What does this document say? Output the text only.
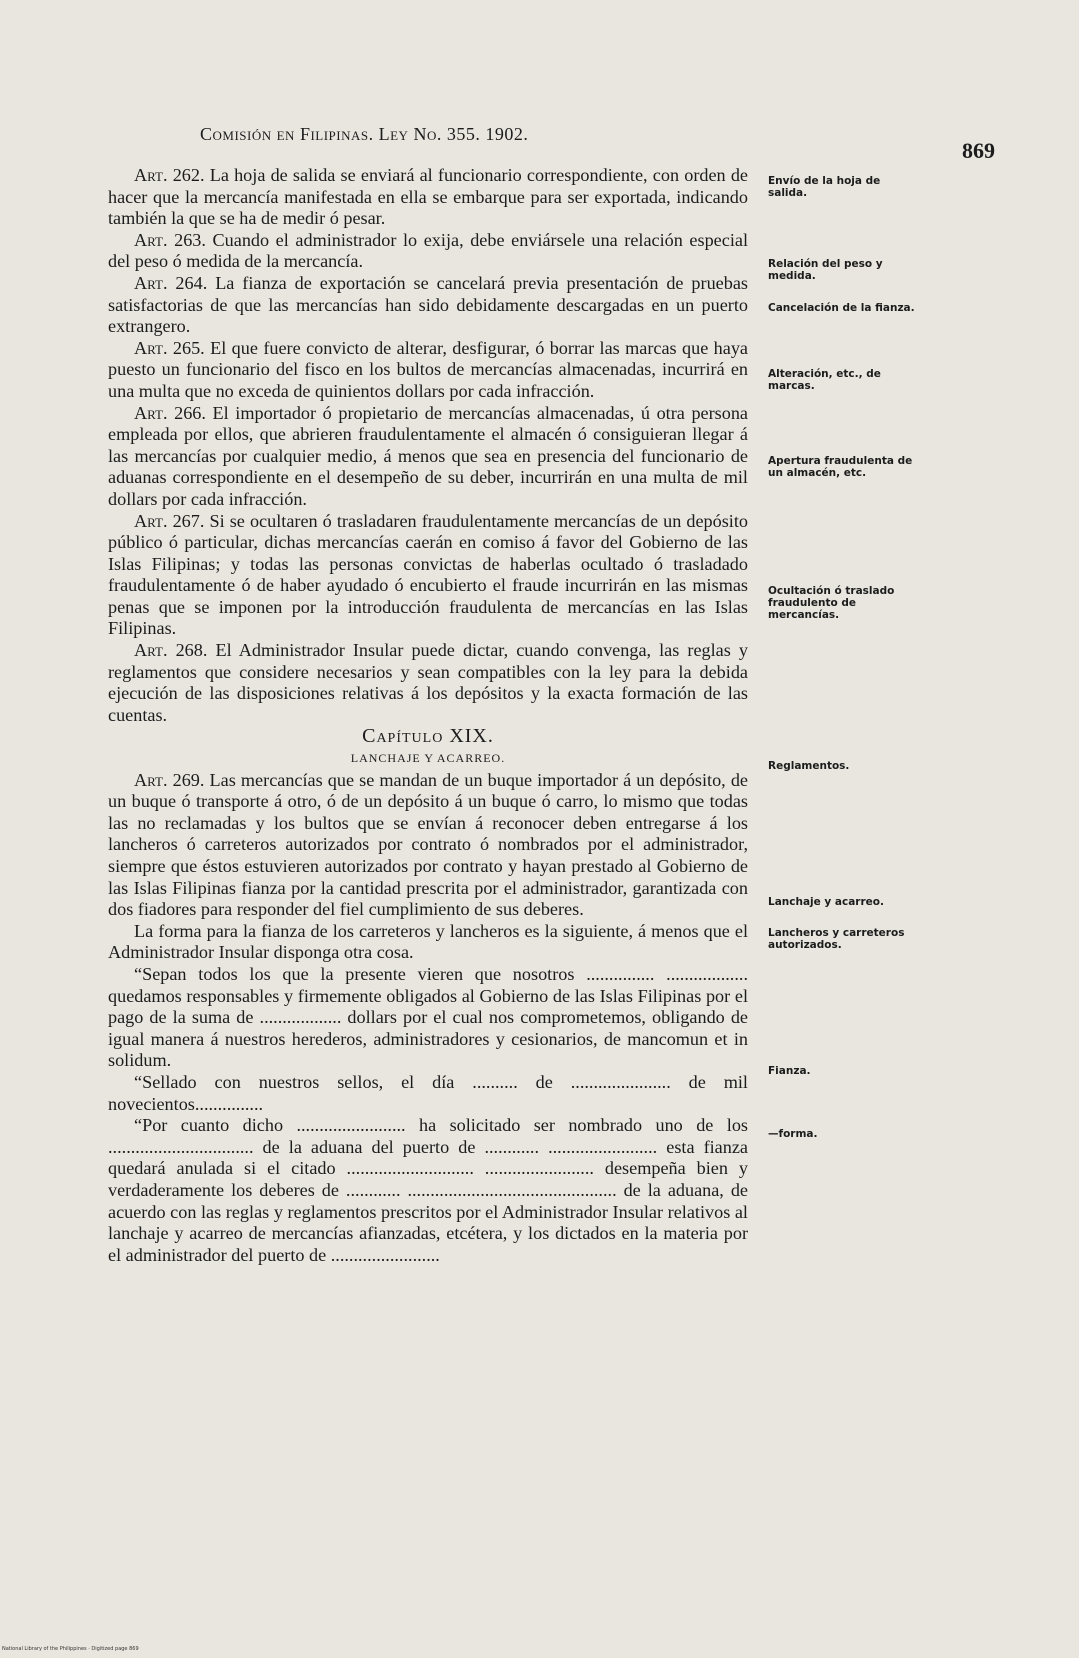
Comisión en Filipinas. Ley No. 355. 1902.
869

Art. 262. La hoja de salida se enviará al funcionario correspondiente, con orden de hacer que la mercancía manifestada en ella se embarque para ser exportada, indicando también la que se ha de medir ó pesar.

Art. 263. Cuando el administrador lo exija, debe enviársele una relación especial del peso ó medida de la mercancía.

Art. 264. La fianza de exportación se cancelará previa presentación de pruebas satisfactorias de que las mercancías han sido debidamente descargadas en un puerto extrangero.

Art. 265. El que fuere convicto de alterar, desfigurar, ó borrar las marcas que haya puesto un funcionario del fisco en los bultos de mercancías almacenadas, incurrirá en una multa que no exceda de quinientos dollars por cada infracción.

Art. 266. El importador ó propietario de mercancías almacenadas, ú otra persona empleada por ellos, que abrieren fraudulentamente el almacén ó consiguieran llegar á las mercancías por cualquier medio, á menos que sea en presencia del funcionario de aduanas correspondiente en el desempeño de su deber, incurrirán en una multa de mil dollars por cada infracción.

Art. 267. Si se ocultaren ó trasladaren fraudulentamente mercancías de un depósito público ó particular, dichas mercancías caerán en comiso á favor del Gobierno de las Islas Filipinas; y todas las personas convictas de haberlas ocultado ó trasladado fraudulentamente ó de haber ayudado ó encubierto el fraude incurrirán en las mismas penas que se imponen por la introducción fraudulenta de mercancías en las Islas Filipinas.

Art. 268. El Administrador Insular puede dictar, cuando convenga, las reglas y reglamentos que considere necesarios y sean compatibles con la ley para la debida ejecución de las disposiciones relativas á los depósitos y la exacta formación de las cuentas.

Capítulo XIX.

LANCHAJE Y ACARREO.

Art. 269. Las mercancías que se mandan de un buque importador á un depósito, de un buque ó transporte á otro, ó de un depósito á un buque ó carro, lo mismo que todas las no reclamadas y los bultos que se envían á reconocer deben entregarse á los lancheros ó carreteros autorizados por contrato ó nombrados por el administrador, siempre que éstos estuvieren autorizados por contrato y hayan prestado al Gobierno de las Islas Filipinas fianza por la cantidad prescrita por el administrador, garantizada con dos fiadores para responder del fiel cumplimiento de sus deberes.

La forma para la fianza de los carreteros y lancheros es la siguiente, á menos que el Administrador Insular disponga otra cosa.

“Sepan todos los que la presente vieren que nosotros ............... .................. quedamos responsables y firmemente obligados al Gobierno de las Islas Filipinas por el pago de la suma de .................. dollars por el cual nos comprometemos, obligando de igual manera á nuestros herederos, administradores y cesionarios, de mancomun et in solidum.

“Sellado con nuestros sellos, el día .......... de ...................... de mil novecientos...............

“Por cuanto dicho ........................ ha solicitado ser nombrado uno de los ................................ de la aduana del puerto de ............ ........................ esta fianza quedará anulada si el citado ............................ ........................ desempeña bien y verdaderamente los deberes de ............ .............................................. de la aduana, de acuerdo con las reglas y reglamentos prescritos por el Administrador Insular relativos al lanchaje y acarreo de mercancías afianzadas, etcétera, y los dictados en la materia por el administrador del puerto de ........................

Envío de la hoja de salida.
Relación del peso y medida.
Cancelación de la fianza.
Alteración, etc., de marcas.
Apertura fraudulenta de un almacén, etc.
Ocultación ó traslado fraudulento de mercancías.
Reglamentos.
Lanchaje y acarreo.
Lancheros y carreteros autorizados.
Fianza.
—forma.
National Library of the Philippines · Digitized page 869
